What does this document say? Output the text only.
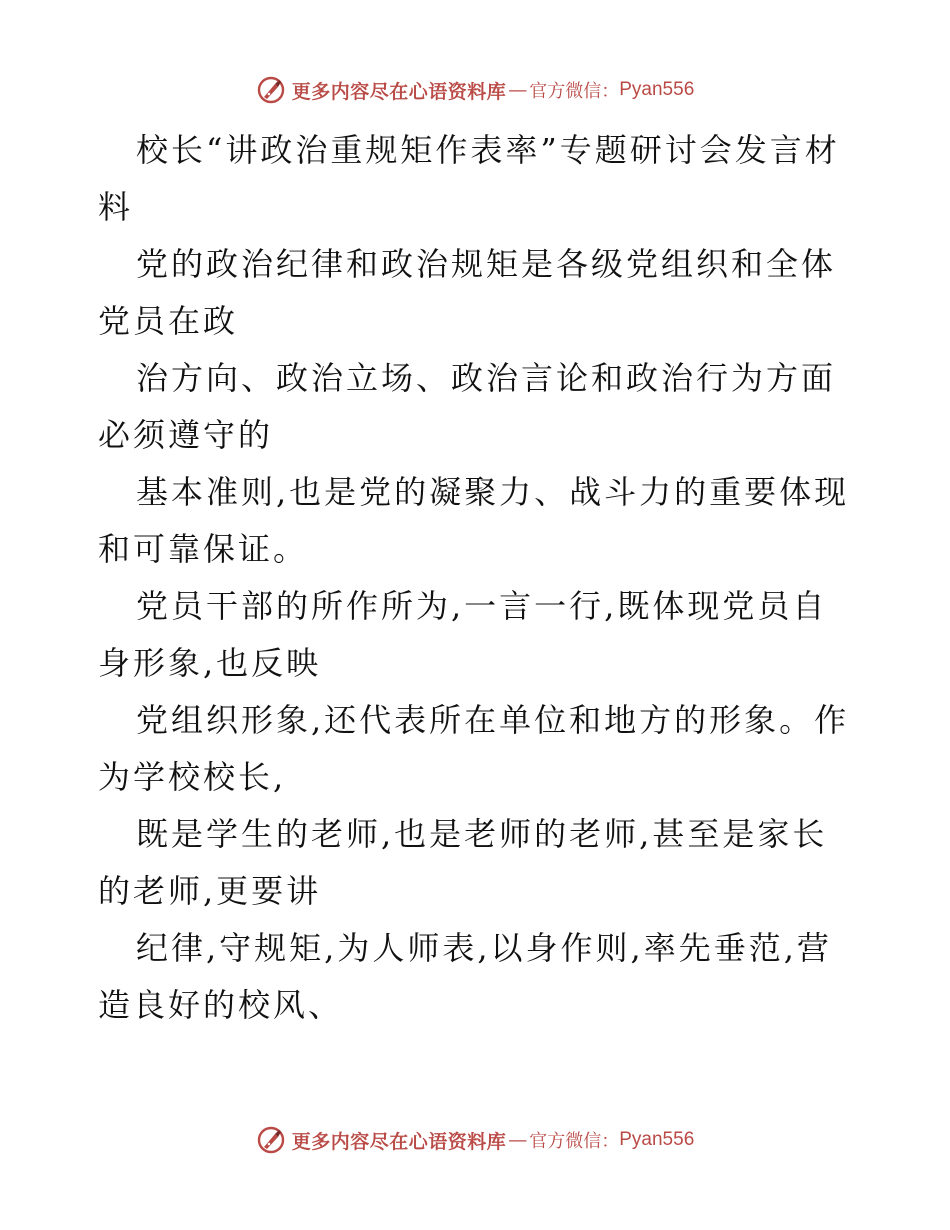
更多内容尽在心语资料库 — 官方微信： Pyan556

校长“讲政治重规矩作表率”专题研讨会发言材料

党的政治纪律和政治规矩是各级党组织和全体党员在政

治方向、政治立场、政治言论和政治行为方面必须遵守的

基本准则,也是党的凝聚力、战斗力的重要体现和可靠保证。

党员干部的所作所为,一言一行,既体现党员自身形象,也反映

党组织形象,还代表所在单位和地方的形象。作为学校校长,

既是学生的老师,也是老师的老师,甚至是家长的老师,更要讲

纪律,守规矩,为人师表,以身作则,率先垂范,营造良好的校风、

更多内容尽在心语资料库 — 官方微信： Pyan556
